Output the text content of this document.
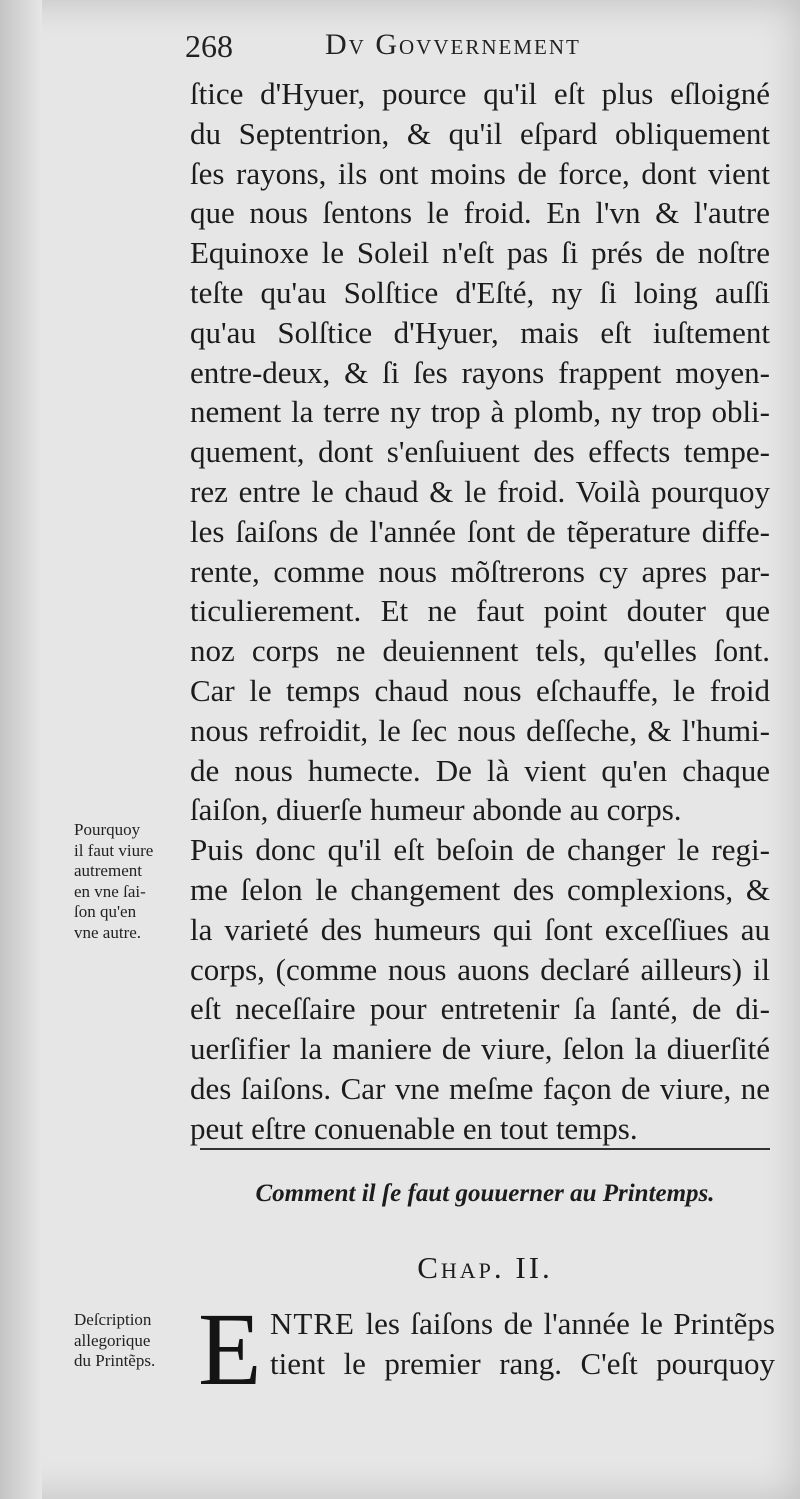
268	Dv Govvernement
ſtice d'Hyuer, pource qu'il eſt plus eſloigné
du Septentrion, & qu'il eſpard obliquement
ſes rayons, ils ont moins de force, dont vient
que nous ſentons le froid. En l'vn & l'autre
Equinoxe le Soleil n'eſt pas ſi prés de noſtre
teſte qu'au Solſtice d'Eſté, ny ſi loing auſſi
qu'au Solſtice d'Hyuer, mais eſt iuſtement
entre-deux, & ſi ſes rayons frappent moyen-
nement la terre ny trop à plomb, ny trop obli-
quement, dont s'enſuiuent des effects tempe-
rez entre le chaud & le froid. Voilà pourquoy
les ſaiſons de l'année ſont de tẽperature diffe-
rente, comme nous mõſtrerons cy apres par-
ticulierement. Et ne faut point douter que
noz corps ne deuiennent tels, qu'elles ſont.
Car le temps chaud nous eſchauffe, le froid
nous refroidit, le ſec nous deſſeche, & l'humi-
de nous humecte. De là vient qu'en chaque
ſaiſon, diuerſe humeur abonde au corps.
Puis donc qu'il eſt beſoin de changer le regi-
me ſelon le changement des complexions, &
la varieté des humeurs qui ſont exceſſiues au
corps, (comme nous auons declaré ailleurs) il
eſt neceſſaire pour entretenir ſa ſanté, de di-
uerſifier la maniere de viure, ſelon la diuerſité
des ſaiſons. Car vne meſme façon de viure, ne
peut eſtre conuenable en tout temps.
Pourquoy
il faut viure
autrement
en vne ſai-
ſon qu'en
vne autre.
Comment il ſe faut gouuerner au Printemps.
Chap. II.
Deſcription
allegorique
du Printẽps. E NTRE les ſaiſons de l'année le Printẽps
tient le premier rang. C'eſt pourquoy
